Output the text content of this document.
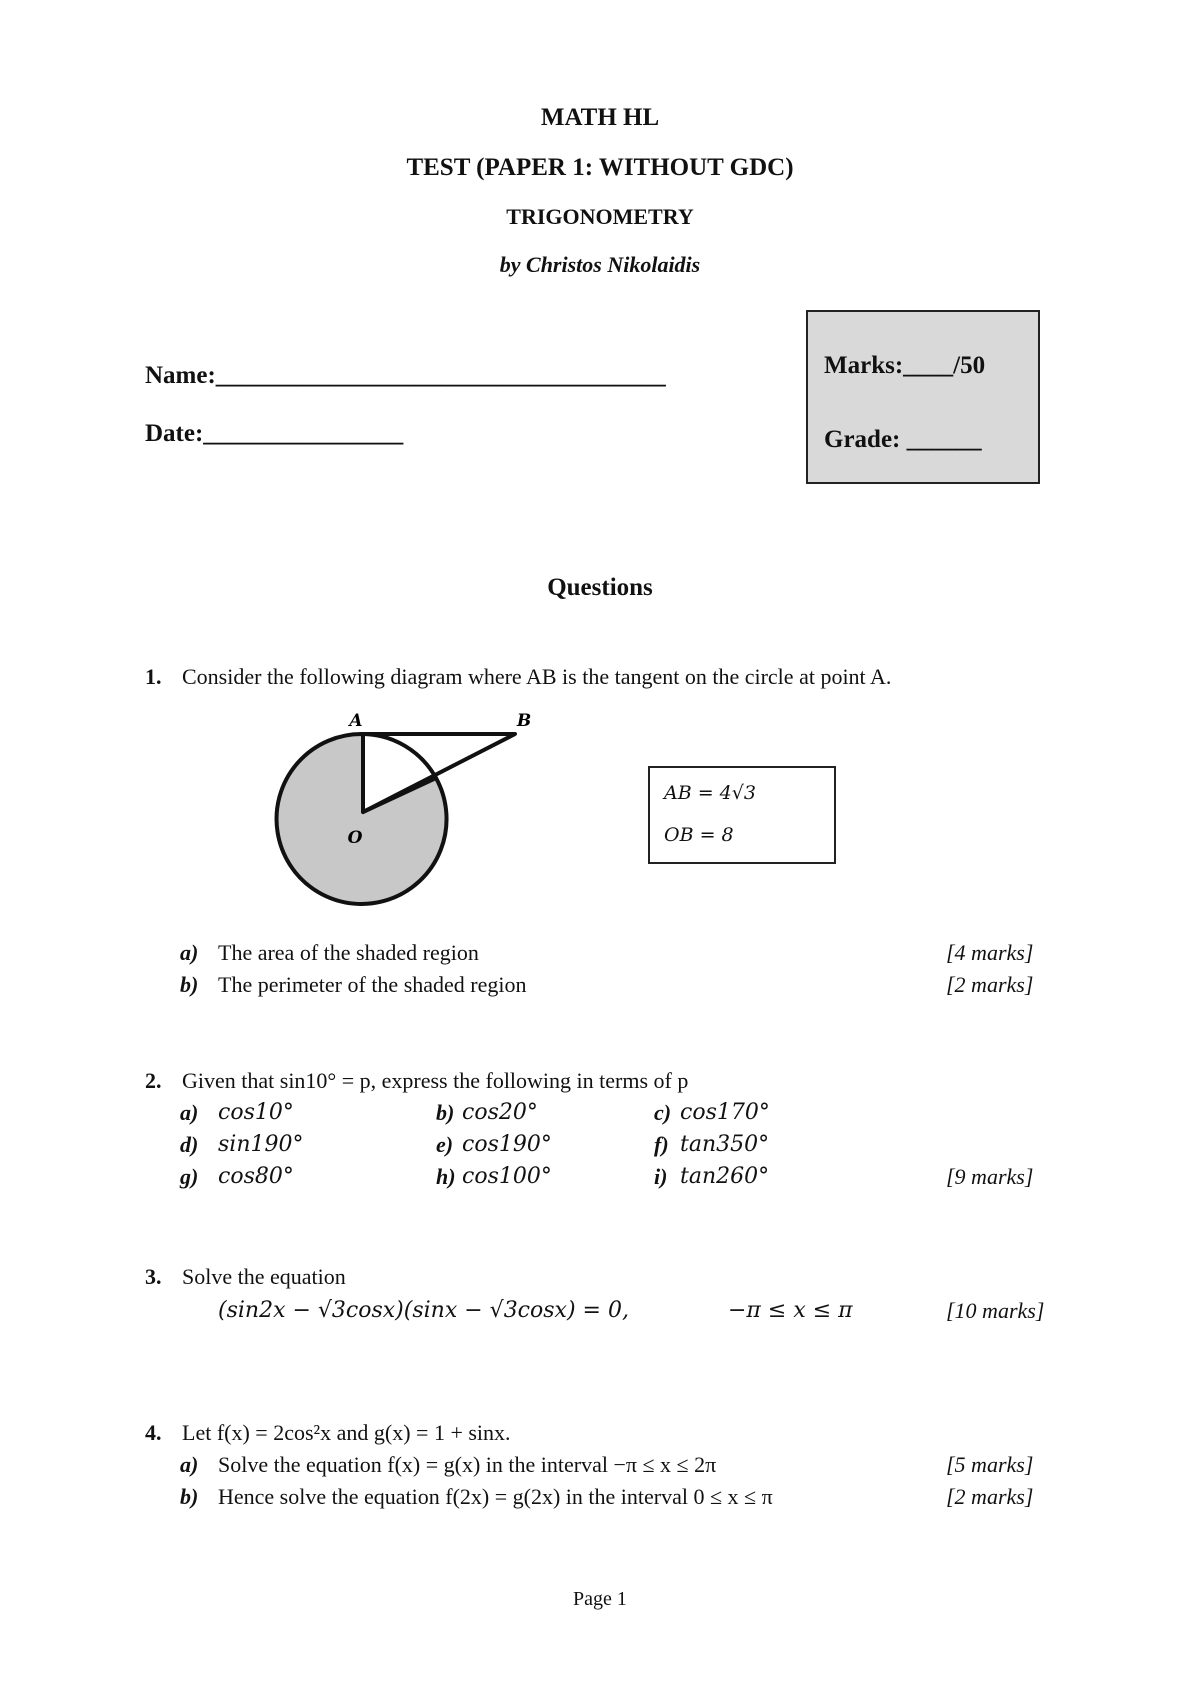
MATH HL
TEST (PAPER 1: WITHOUT GDC)
TRIGONOMETRY
by Christos Nikolaidis
Name:____________________________________
Date:________________
Marks:____/50
Grade: ______
Questions
1. Consider the following diagram where AB is the tangent on the circle at point A.
A	B
O
AB = 4√3
OB = 8
a) The area of the shaded region	[4 marks]
b) The perimeter of the shaded region	[2 marks]
2. Given that sin10° = p, express the following in terms of p
a) cos10°	b) cos20°	c) cos170°
d) sin190°	e) cos190°	f) tan350°
g) cos80°	h) cos100°	i) tan260°	[9 marks]
3. Solve the equation
(sin2x − √3cosx)(sinx − √3cosx) = 0,	−π ≤ x ≤ π	[10 marks]
4. Let f(x) = 2cos²x and g(x) = 1 + sinx.
a) Solve the equation f(x) = g(x) in the interval −π ≤ x ≤ 2π	[5 marks]
b) Hence solve the equation f(2x) = g(2x) in the interval 0 ≤ x ≤ π	[2 marks]
Page 1
